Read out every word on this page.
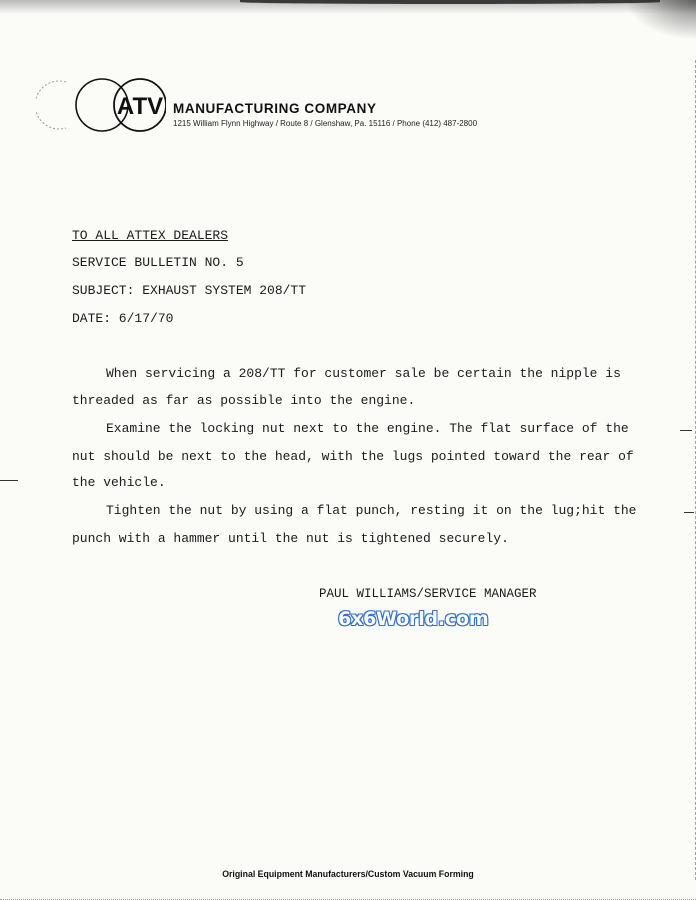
ATV MANUFACTURING COMPANY
1215 William Flynn Highway / Route 8 / Glenshaw, Pa. 15116 / Phone (412) 487-2800
TO ALL ATTEX DEALERS
SERVICE BULLETIN NO. 5
SUBJECT: EXHAUST SYSTEM 208/TT
DATE: 6/17/70
When servicing a 208/TT for customer sale be certain the nipple is
threaded as far as possible into the engine.
Examine the locking nut next to the engine. The flat surface of the
nut should be next to the head, with the lugs pointed toward the rear of
the vehicle.
Tighten the nut by using a flat punch, resting it on the lug;hit the
punch with a hammer until the nut is tightened securely.
PAUL WILLIAMS/SERVICE MANAGER
6x6World.com
Original Equipment Manufacturers/Custom Vacuum Forming
